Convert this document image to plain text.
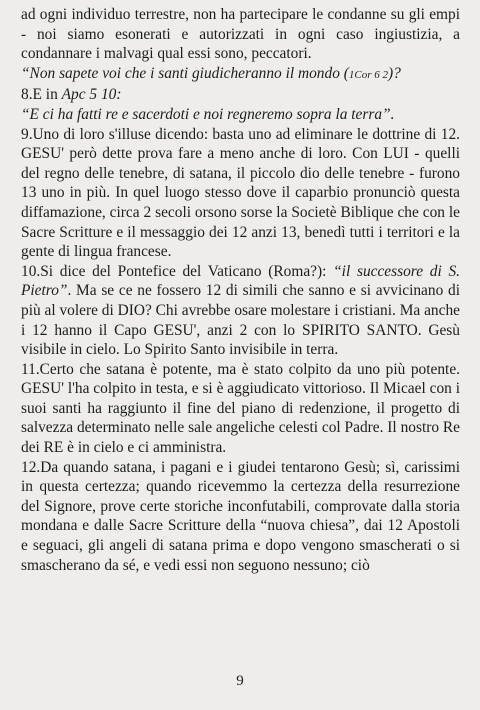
ad ogni individuo terrestre, non ha partecipare le condanne su gli empi - noi siamo esonerati e autorizzati in ogni caso ingiustizia, a condannare i malvagi qual essi sono, peccatori.

“Non sapete voi che i santi giudicheranno il mondo (1Cor 6 2)?

8.E in Apc 5 10:

“E ci ha fatti re e sacerdoti e noi regneremo sopra la terra”.

9.Uno di loro s'illuse dicendo: basta uno ad eliminare le dottrine di 12. GESU' però dette prova fare a meno anche di loro. Con LUI - quelli del regno delle tenebre, di satana, il piccolo dio delle tenebre - furono 13 uno in più. In quel luogo stesso dove il caparbio pronunciò questa diffamazione, circa 2 secoli orsono sorse la Societè Biblique che con le Sacre Scritture e il messaggio dei 12 anzi 13, benedì tutti i territori e la gente di lingua francese.

10.Si dice del Pontefice del Vaticano (Roma?): “il successore di S. Pietro”. Ma se ce ne fossero 12 di simili che sanno e si avvicinano di più al volere di DIO? Chi avrebbe osare molestare i cristiani. Ma anche i 12 hanno il Capo GESU', anzi 2 con lo SPIRITO SANTO. Gesù visibile in cielo. Lo Spirito Santo invisibile in terra.

11.Certo che satana è potente, ma è stato colpito da uno più potente. GESU' l'ha colpito in testa, e si è aggiudicato vittorioso. Il Micael con i suoi santi ha raggiunto il fine del piano di redenzione, il progetto di salvezza determinato nelle sale angeliche celesti col Padre. Il nostro Re dei RE è in cielo e ci amministra.

12.Da quando satana, i pagani e i giudei tentarono Gesù; sì, carissimi in questa certezza; quando ricevemmo la certezza della resurrezione del Signore, prove certe storiche inconfutabili, comprovate dalla storia mondana e dalle Sacre Scritture della “nuova chiesa”, dai 12 Apostoli e seguaci, gli angeli di satana prima e dopo vengono smascherati o si smascherano da sé, e vedi essi non seguono nessuno; ciò

9
